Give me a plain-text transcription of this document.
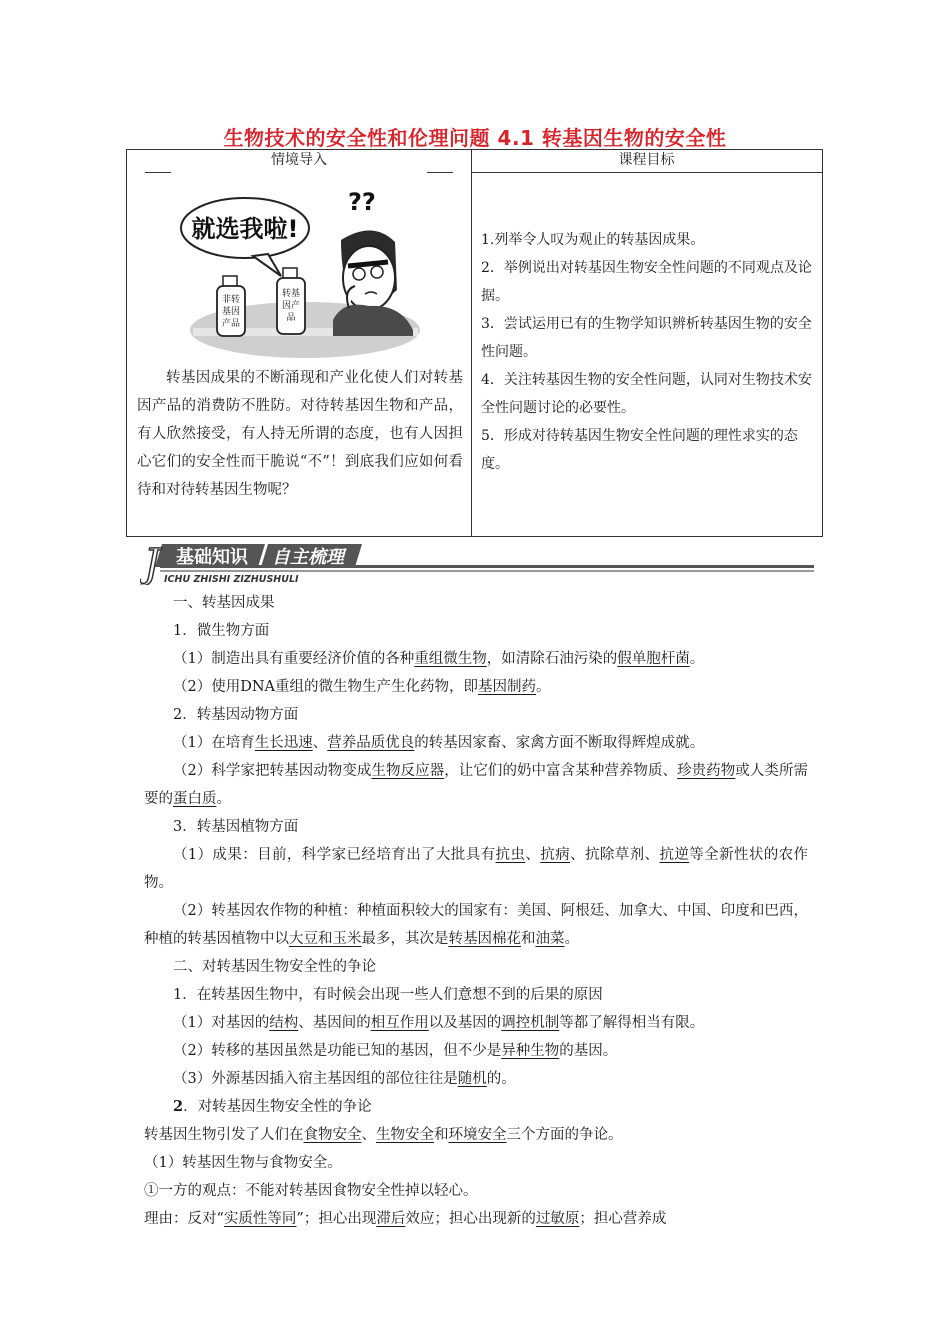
生物技术的安全性和伦理问题 4.1 转基因生物的安全性
情境导入	课程目标
就选我啦!
??
非转
基因
产品
转基
因产
品
转基因成果的不断涌现和产业化使人们对转基因产品的消费防不胜防。对待转基因生物和产品，有人欣然接受，有人持无所谓的态度，也有人因担心它们的安全性而干脆说“不”！到底我们应如何看待和对待转基因生物呢？

1.列举令人叹为观止的转基因成果。

2．举例说出对转基因生物安全性问题的不同观点及论据。

3．尝试运用已有的生物学知识辨析转基因生物的安全性问题。

4．关注转基因生物的安全性问题，认同对生物技术安全性问题讨论的必要性。

5．形成对待转基因生物安全性问题的理性求实的态度。

J 基础知识 自主梳理
ICHU ZHISHI ZIZHUSHULI

一、转基因成果

1．微生物方面

（1）制造出具有重要经济价值的各种重组微生物，如清除石油污染的假单胞杆菌。

（2）使用DNA重组的微生物生产生化药物，即基因制药。

2．转基因动物方面

（1）在培育生长迅速、营养品质优良的转基因家畜、家禽方面不断取得辉煌成就。

（2）科学家把转基因动物变成生物反应器，让它们的奶中富含某种营养物质、珍贵药物或人类所需要的蛋白质。

3．转基因植物方面

（1）成果：目前，科学家已经培育出了大批具有抗虫、抗病、抗除草剂、抗逆等全新性状的农作物。

（2）转基因农作物的种植：种植面积较大的国家有：美国、阿根廷、加拿大、中国、印度和巴西，种植的转基因植物中以大豆和玉米最多，其次是转基因棉花和油菜。

二、对转基因生物安全性的争论

1．在转基因生物中，有时候会出现一些人们意想不到的后果的原因

（1）对基因的结构、基因间的相互作用以及基因的调控机制等都了解得相当有限。

（2）转移的基因虽然是功能已知的基因，但不少是异种生物的基因。

（3）外源基因插入宿主基因组的部位往往是随机的。

2．对转基因生物安全性的争论

转基因生物引发了人们在食物安全、生物安全和环境安全三个方面的争论。

（1）转基因生物与食物安全。

①一方的观点：不能对转基因食物安全性掉以轻心。

理由：反对“实质性等同”；担心出现滞后效应；担心出现新的过敏原；担心营养成
